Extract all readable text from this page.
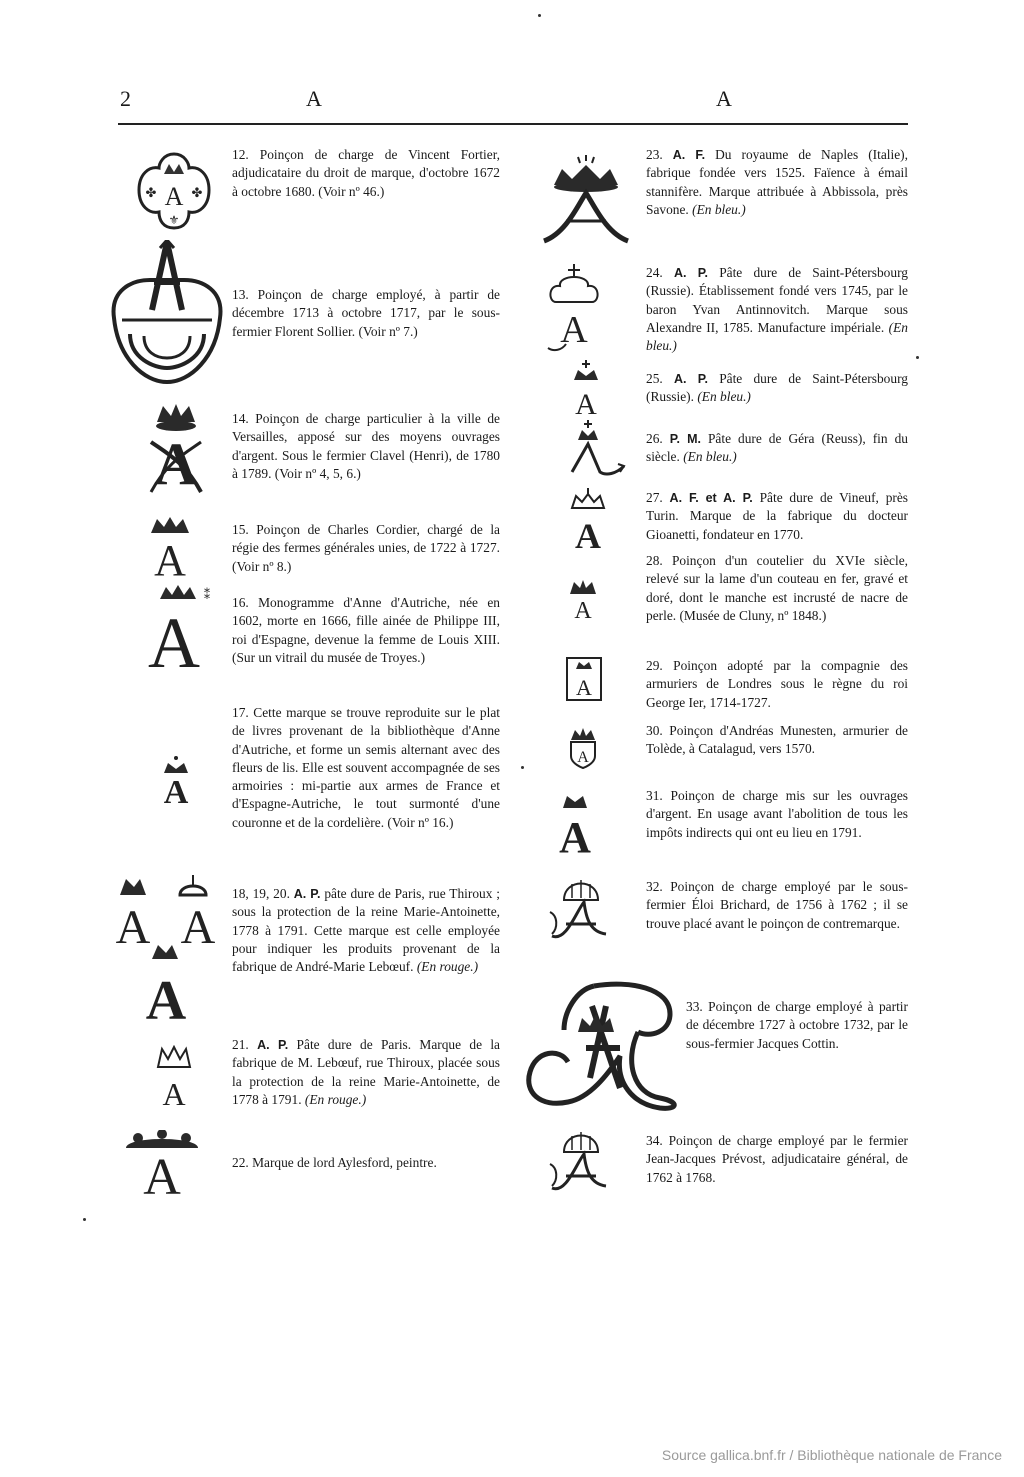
2	A	A
A
✤	✤
⚜
A
A
A
⁑
A
A A
A
A
A
A
A
A
A
A
A
A

12. Poinçon de charge de Vincent Fortier, adjudicataire du droit de marque, d'octobre 1672 à octobre 1680. (Voir nº 46.)

13. Poinçon de charge employé, à partir de décembre 1713 à octobre 1717, par le sous-fermier Florent Sollier. (Voir nº 7.)

14. Poinçon de charge particulier à la ville de Versailles, apposé sur des moyens ouvrages d'argent. Sous le fermier Clavel (Henri), de 1780 à 1789. (Voir nº 4, 5, 6.)

15. Poinçon de Charles Cordier, chargé de la régie des fermes générales unies, de 1722 à 1727. (Voir nº 8.)

16. Monogramme d'Anne d'Autriche, née en 1602, morte en 1666, fille ainée de Philippe III, roi d'Espagne, devenue la femme de Louis XIII. (Sur un vitrail du musée de Troyes.)

17. Cette marque se trouve reproduite sur le plat de livres provenant de la bibliothèque d'Anne d'Autriche, et forme un semis alternant avec des fleurs de lis. Elle est souvent accompagnée de ses armoiries : mi-partie aux armes de France et d'Espagne-Autriche, le tout surmonté d'une couronne et de la cordelière. (Voir nº 16.)

18, 19, 20. A. P. pâte dure de Paris, rue Thiroux ; sous la protection de la reine Marie-Antoinette, 1778 à 1791. Cette marque est celle employée pour indiquer les produits provenant de la fabrique de André-Marie Lebœuf. (En rouge.)

21. A. P. Pâte dure de Paris. Marque de la fabrique de M. Lebœuf, rue Thiroux, placée sous la protection de la reine Marie-Antoinette, de 1778 à 1791. (En rouge.)

22. Marque de lord Aylesford, peintre.

23. A. F. Du royaume de Naples (Italie), fabrique fondée vers 1525. Faïence à émail stannifère. Marque attribuée à Abbissola, près Savone. (En bleu.)

24. A. P. Pâte dure de Saint-Pétersbourg (Russie). Établissement fondé vers 1745, par le baron Yvan Antinnovitch. Marque sous Alexandre II, 1785. Manufacture impériale. (En bleu.)

25. A. P. Pâte dure de Saint-Pétersbourg (Russie). (En bleu.)

26. P. M. Pâte dure de Géra (Reuss), fin du siècle. (En bleu.)

27. A. F. et A. P. Pâte dure de Vineuf, près Turin. Marque de la fabrique du docteur Gioanetti, fondateur en 1770.

28. Poinçon d'un coutelier du XVIe siècle, relevé sur la lame d'un couteau en fer, gravé et doré, dont le manche est incrusté de nacre de perle. (Musée de Cluny, nº 1848.)

29. Poinçon adopté par la compagnie des armuriers de Londres sous le règne du roi George Ier, 1714-1727.

30. Poinçon d'Andréas Munesten, armurier de Tolède, à Catalagud, vers 1570.

31. Poinçon de charge mis sur les ouvrages d'argent. En usage avant l'abolition de tous les impôts indirects qui ont eu lieu en 1791.

32. Poinçon de charge employé par le sous-fermier Éloi Brichard, de 1756 à 1762 ; il se trouve placé avant le poinçon de contremarque.

33. Poinçon de charge employé à partir de décembre 1727 à octobre 1732, par le sous-fermier Jacques Cottin.

34. Poinçon de charge employé par le fermier Jean-Jacques Prévost, adjudicataire général, de 1762 à 1768.

Source gallica.bnf.fr / Bibliothèque nationale de France
